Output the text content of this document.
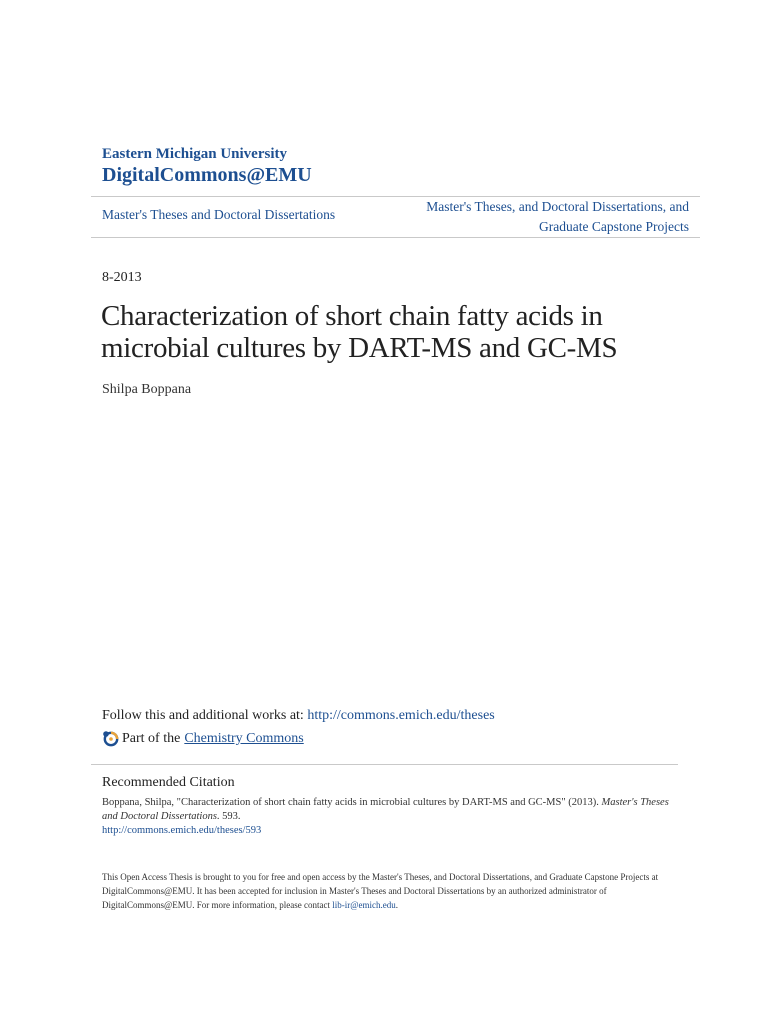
Eastern Michigan University
DigitalCommons@EMU
Master's Theses and Doctoral Dissertations
Master's Theses, and Doctoral Dissertations, and
Graduate Capstone Projects
8-2013
Characterization of short chain fatty acids in
microbial cultures by DART-MS and GC-MS
Shilpa Boppana
Follow this and additional works at: http://commons.emich.edu/theses
Part of the Chemistry Commons
Recommended Citation
Boppana, Shilpa, "Characterization of short chain fatty acids in microbial cultures by DART-MS and GC-MS" (2013). Master's Theses and Doctoral Dissertations. 593.
http://commons.emich.edu/theses/593
This Open Access Thesis is brought to you for free and open access by the Master's Theses, and Doctoral Dissertations, and Graduate Capstone Projects at DigitalCommons@EMU. It has been accepted for inclusion in Master's Theses and Doctoral Dissertations by an authorized administrator of DigitalCommons@EMU. For more information, please contact lib-ir@emich.edu.
